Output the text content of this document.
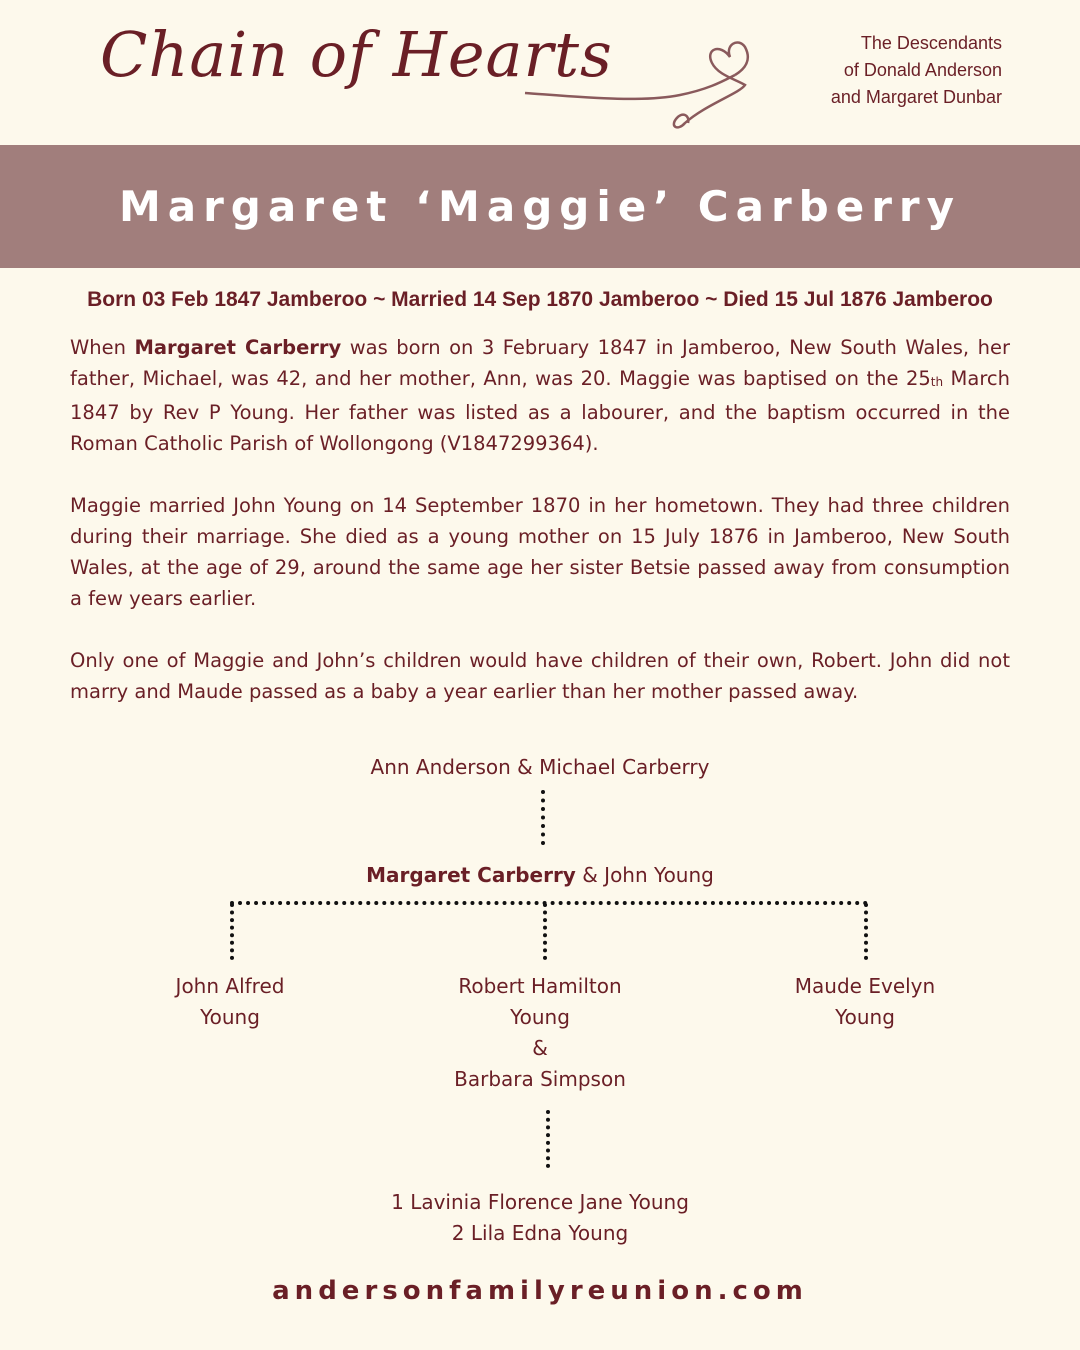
Chain of Hearts	The Descendants
of Donald Anderson
and Margaret Dunbar
Margaret ‘Maggie’ Carberry
Born 03 Feb 1847 Jamberoo ~ Married 14 Sep 1870 Jamberoo ~ Died 15 Jul 1876 Jamberoo

When Margaret Carberry was born on 3 February 1847 in Jamberoo, New South Wales, her father, Michael, was 42, and her mother, Ann, was 20. Maggie was baptised on the $25_{th}$ March 1847 by Rev P Young. Her father was listed as a labourer, and the baptism occurred in the Roman Catholic Parish of Wollongong (V1847299364).

Maggie married John Young on 14 September 1870 in her hometown. They had three children during their marriage. She died as a young mother on 15 July 1876 in Jamberoo, New South Wales, at the age of 29, around the same age her sister Betsie passed away from consumption a few years earlier.

Only one of Maggie and John’s children would have children of their own, Robert. John did not marry and Maude passed as a baby a year earlier than her mother passed away.

Ann Anderson & Michael Carberry
Margaret Carberry & John Young
John Alfred
Young
Robert Hamilton
Young
&
Barbara Simpson
Maude Evelyn
Young
1 Lavinia Florence Jane Young
2 Lila Edna Young
andersonfamilyreunion.com
